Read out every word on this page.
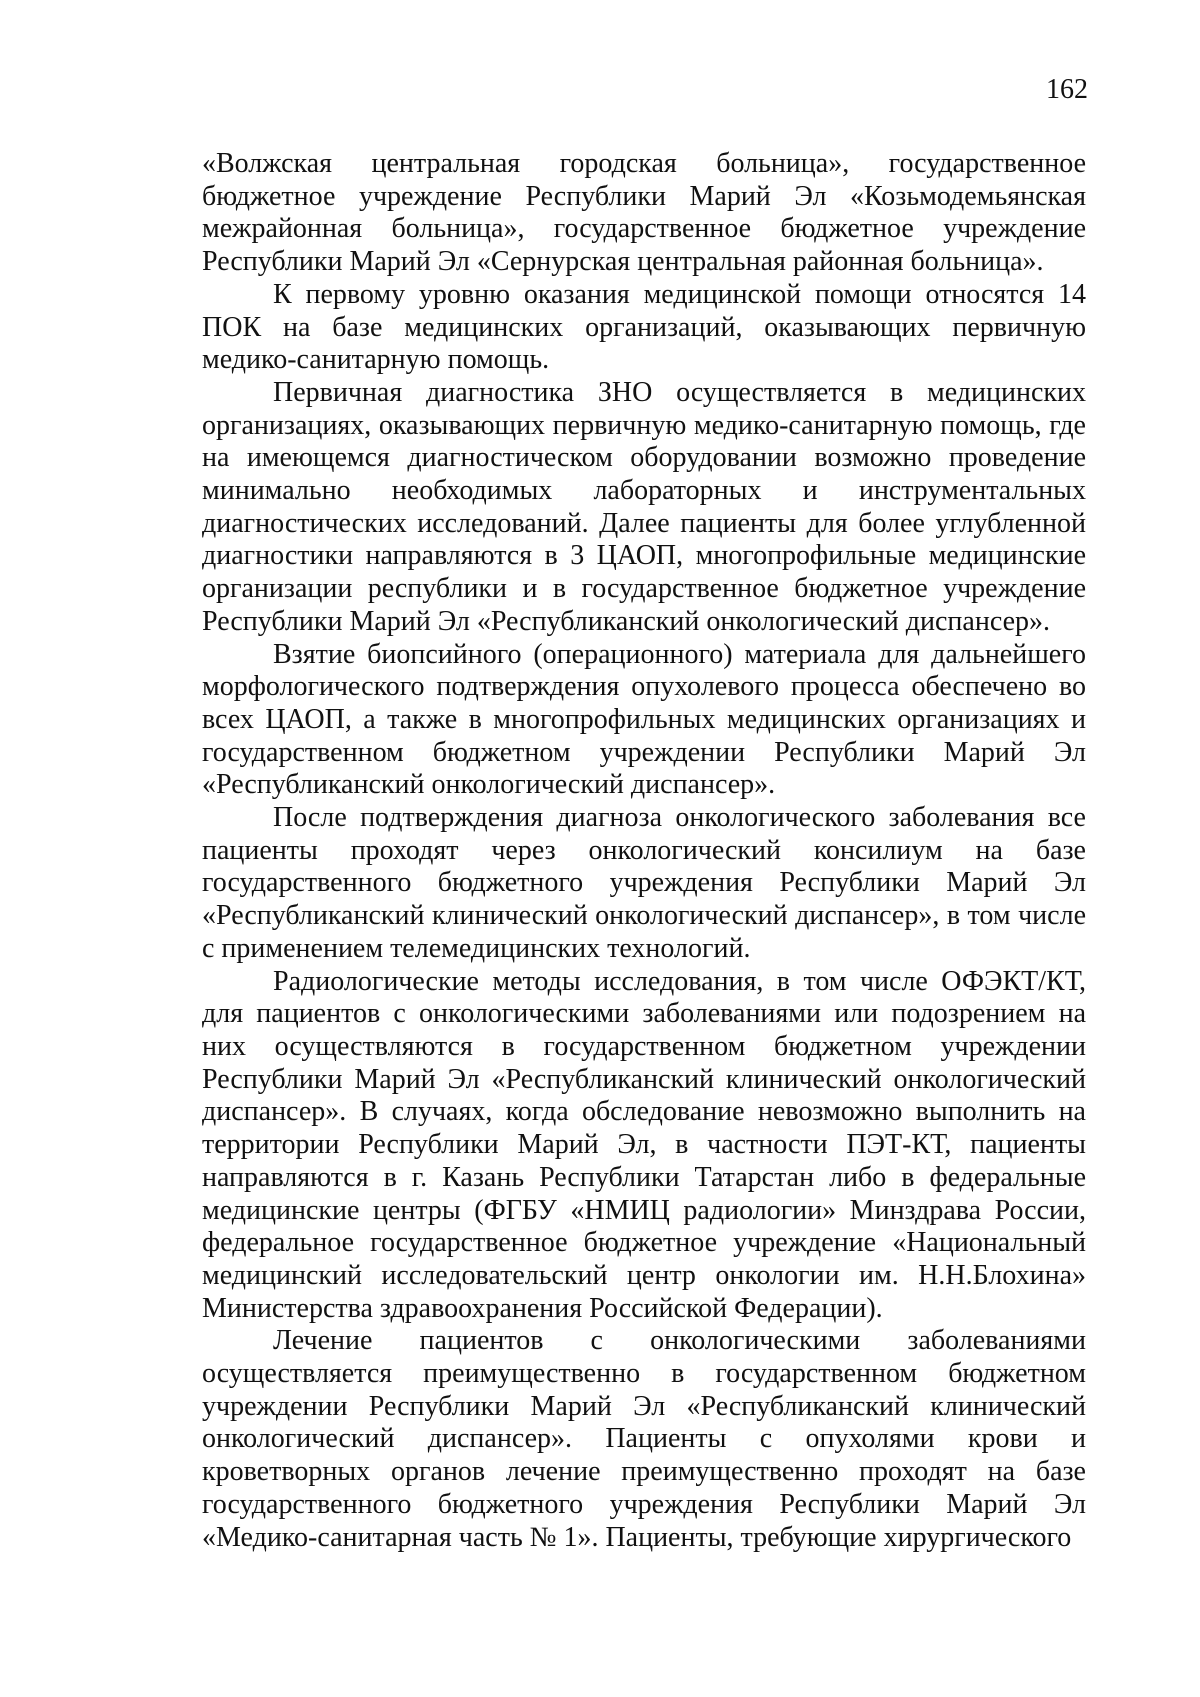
162

«Волжская центральная городская больница», государственное бюджетное учреждение Республики Марий Эл «Козьмодемьянская межрайонная больница», государственное бюджетное учреждение Республики Марий Эл «Сернурская центральная районная больница».

К первому уровню оказания медицинской помощи относятся 14 ПОК на базе медицинских организаций, оказывающих первичную медико-санитарную помощь.

Первичная диагностика ЗНО осуществляется в медицинских организациях, оказывающих первичную медико-санитарную помощь, где на имеющемся диагностическом оборудовании возможно проведение минимально необходимых лабораторных и инструментальных диагностических исследований. Далее пациенты для более углубленной диагностики направляются в 3 ЦАОП, многопрофильные медицинские организации республики и в государственное бюджетное учреждение Республики Марий Эл «Республиканский онкологический диспансер».

Взятие биопсийного (операционного) материала для дальнейшего морфологического подтверждения опухолевого процесса обеспечено во всех ЦАОП, а также в многопрофильных медицинских организациях и государственном бюджетном учреждении Республики Марий Эл «Республиканский онкологический диспансер».

После подтверждения диагноза онкологического заболевания все пациенты проходят через онкологический консилиум на базе государственного бюджетного учреждения Республики Марий Эл «Республиканский клинический онкологический диспансер», в том числе с применением телемедицинских технологий.

Радиологические методы исследования, в том числе ОФЭКТ/КТ, для пациентов с онкологическими заболеваниями или подозрением на них осуществляются в государственном бюджетном учреждении Республики Марий Эл «Республиканский клинический онкологический диспансер». В случаях, когда обследование невозможно выполнить на территории Республики Марий Эл, в частности ПЭТ-КТ, пациенты направляются в г. Казань Республики Татарстан либо в федеральные медицинские центры (ФГБУ «НМИЦ радиологии» Минздрава России, федеральное государственное бюджетное учреждение «Национальный медицинский исследовательский центр онкологии им. Н.Н.Блохина» Министерства здравоохранения Российской Федерации).

Лечение пациентов с онкологическими заболеваниями осуществляется преимущественно в государственном бюджетном учреждении Республики Марий Эл «Республиканский клинический онкологический диспансер». Пациенты с опухолями крови и кроветворных органов лечение преимущественно проходят на базе государственного бюджетного учреждения Республики Марий Эл «Медико-санитарная часть № 1». Пациенты, требующие хирургического
